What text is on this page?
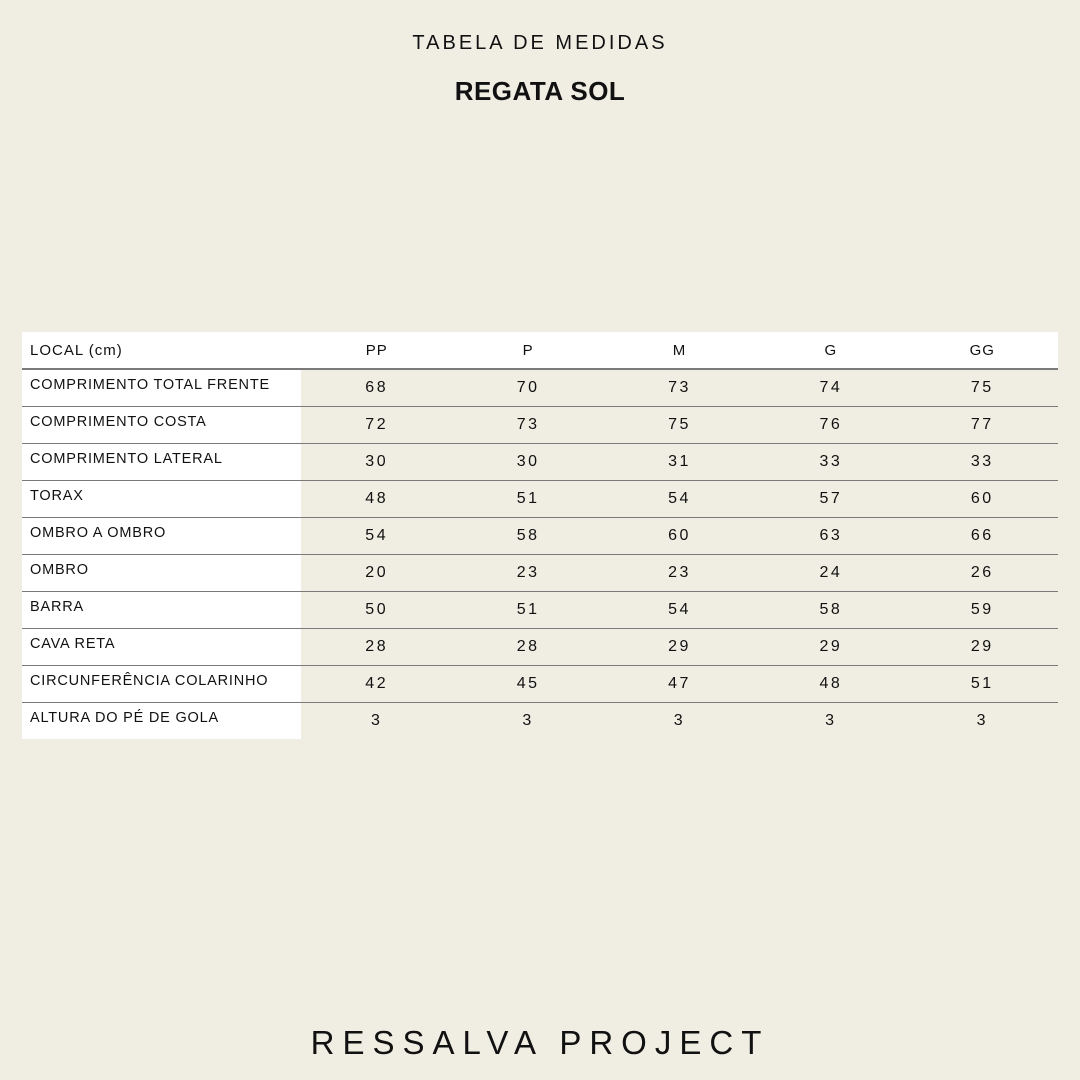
TABELA DE MEDIDAS
REGATA SOL
LOCAL (cm)	PP	P	M	G	GG
COMPRIMENTO TOTAL FRENTE	68	70	73	74	75
COMPRIMENTO COSTA	72	73	75	76	77
COMPRIMENTO LATERAL	30	30	31	33	33
TORAX	48	51	54	57	60
OMBRO A OMBRO	54	58	60	63	66
OMBRO	20	23	23	24	26
BARRA	50	51	54	58	59
CAVA RETA	28	28	29	29	29
CIRCUNFERÊNCIA COLARINHO	42	45	47	48	51
ALTURA DO PÉ DE GOLA	3	3	3	3	3
RESSALVA PROJECT
